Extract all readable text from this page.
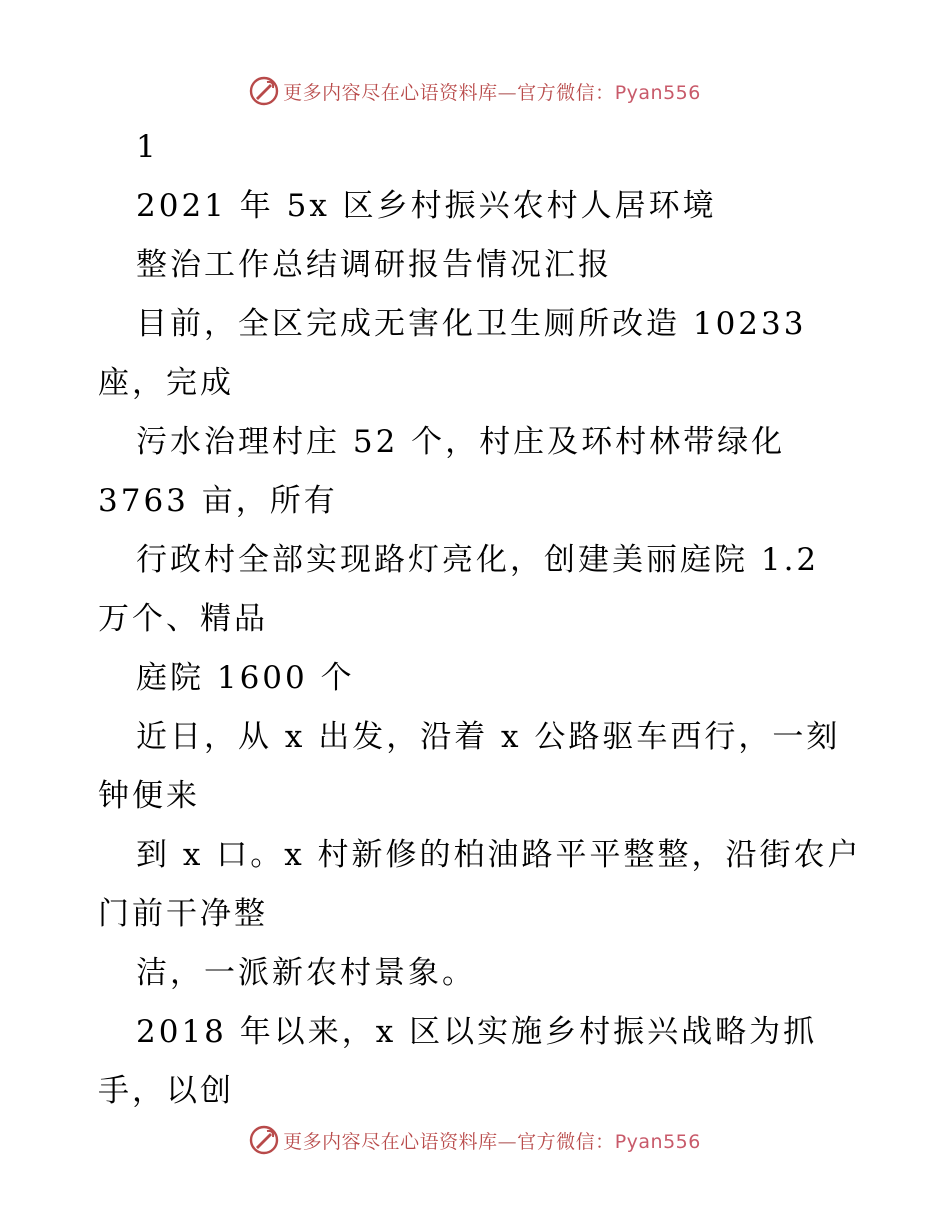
更多内容尽在心语资料库—官方微信：Pyan556
1
2021 年 5x 区乡村振兴农村人居环境
整治工作总结调研报告情况汇报
目前，全区完成无害化卫生厕所改造 10233
座，完成
污水治理村庄 52 个，村庄及环村林带绿化
3763 亩，所有
行政村全部实现路灯亮化，创建美丽庭院 1.2
万个、精品
庭院 1600 个
近日，从 x 出发，沿着 x 公路驱车西行，一刻
钟便来
到 x 口。x 村新修的柏油路平平整整，沿街农户
门前干净整
洁，一派新农村景象。
2018 年以来，x 区以实施乡村振兴战略为抓
手，以创
更多内容尽在心语资料库—官方微信：Pyan556
